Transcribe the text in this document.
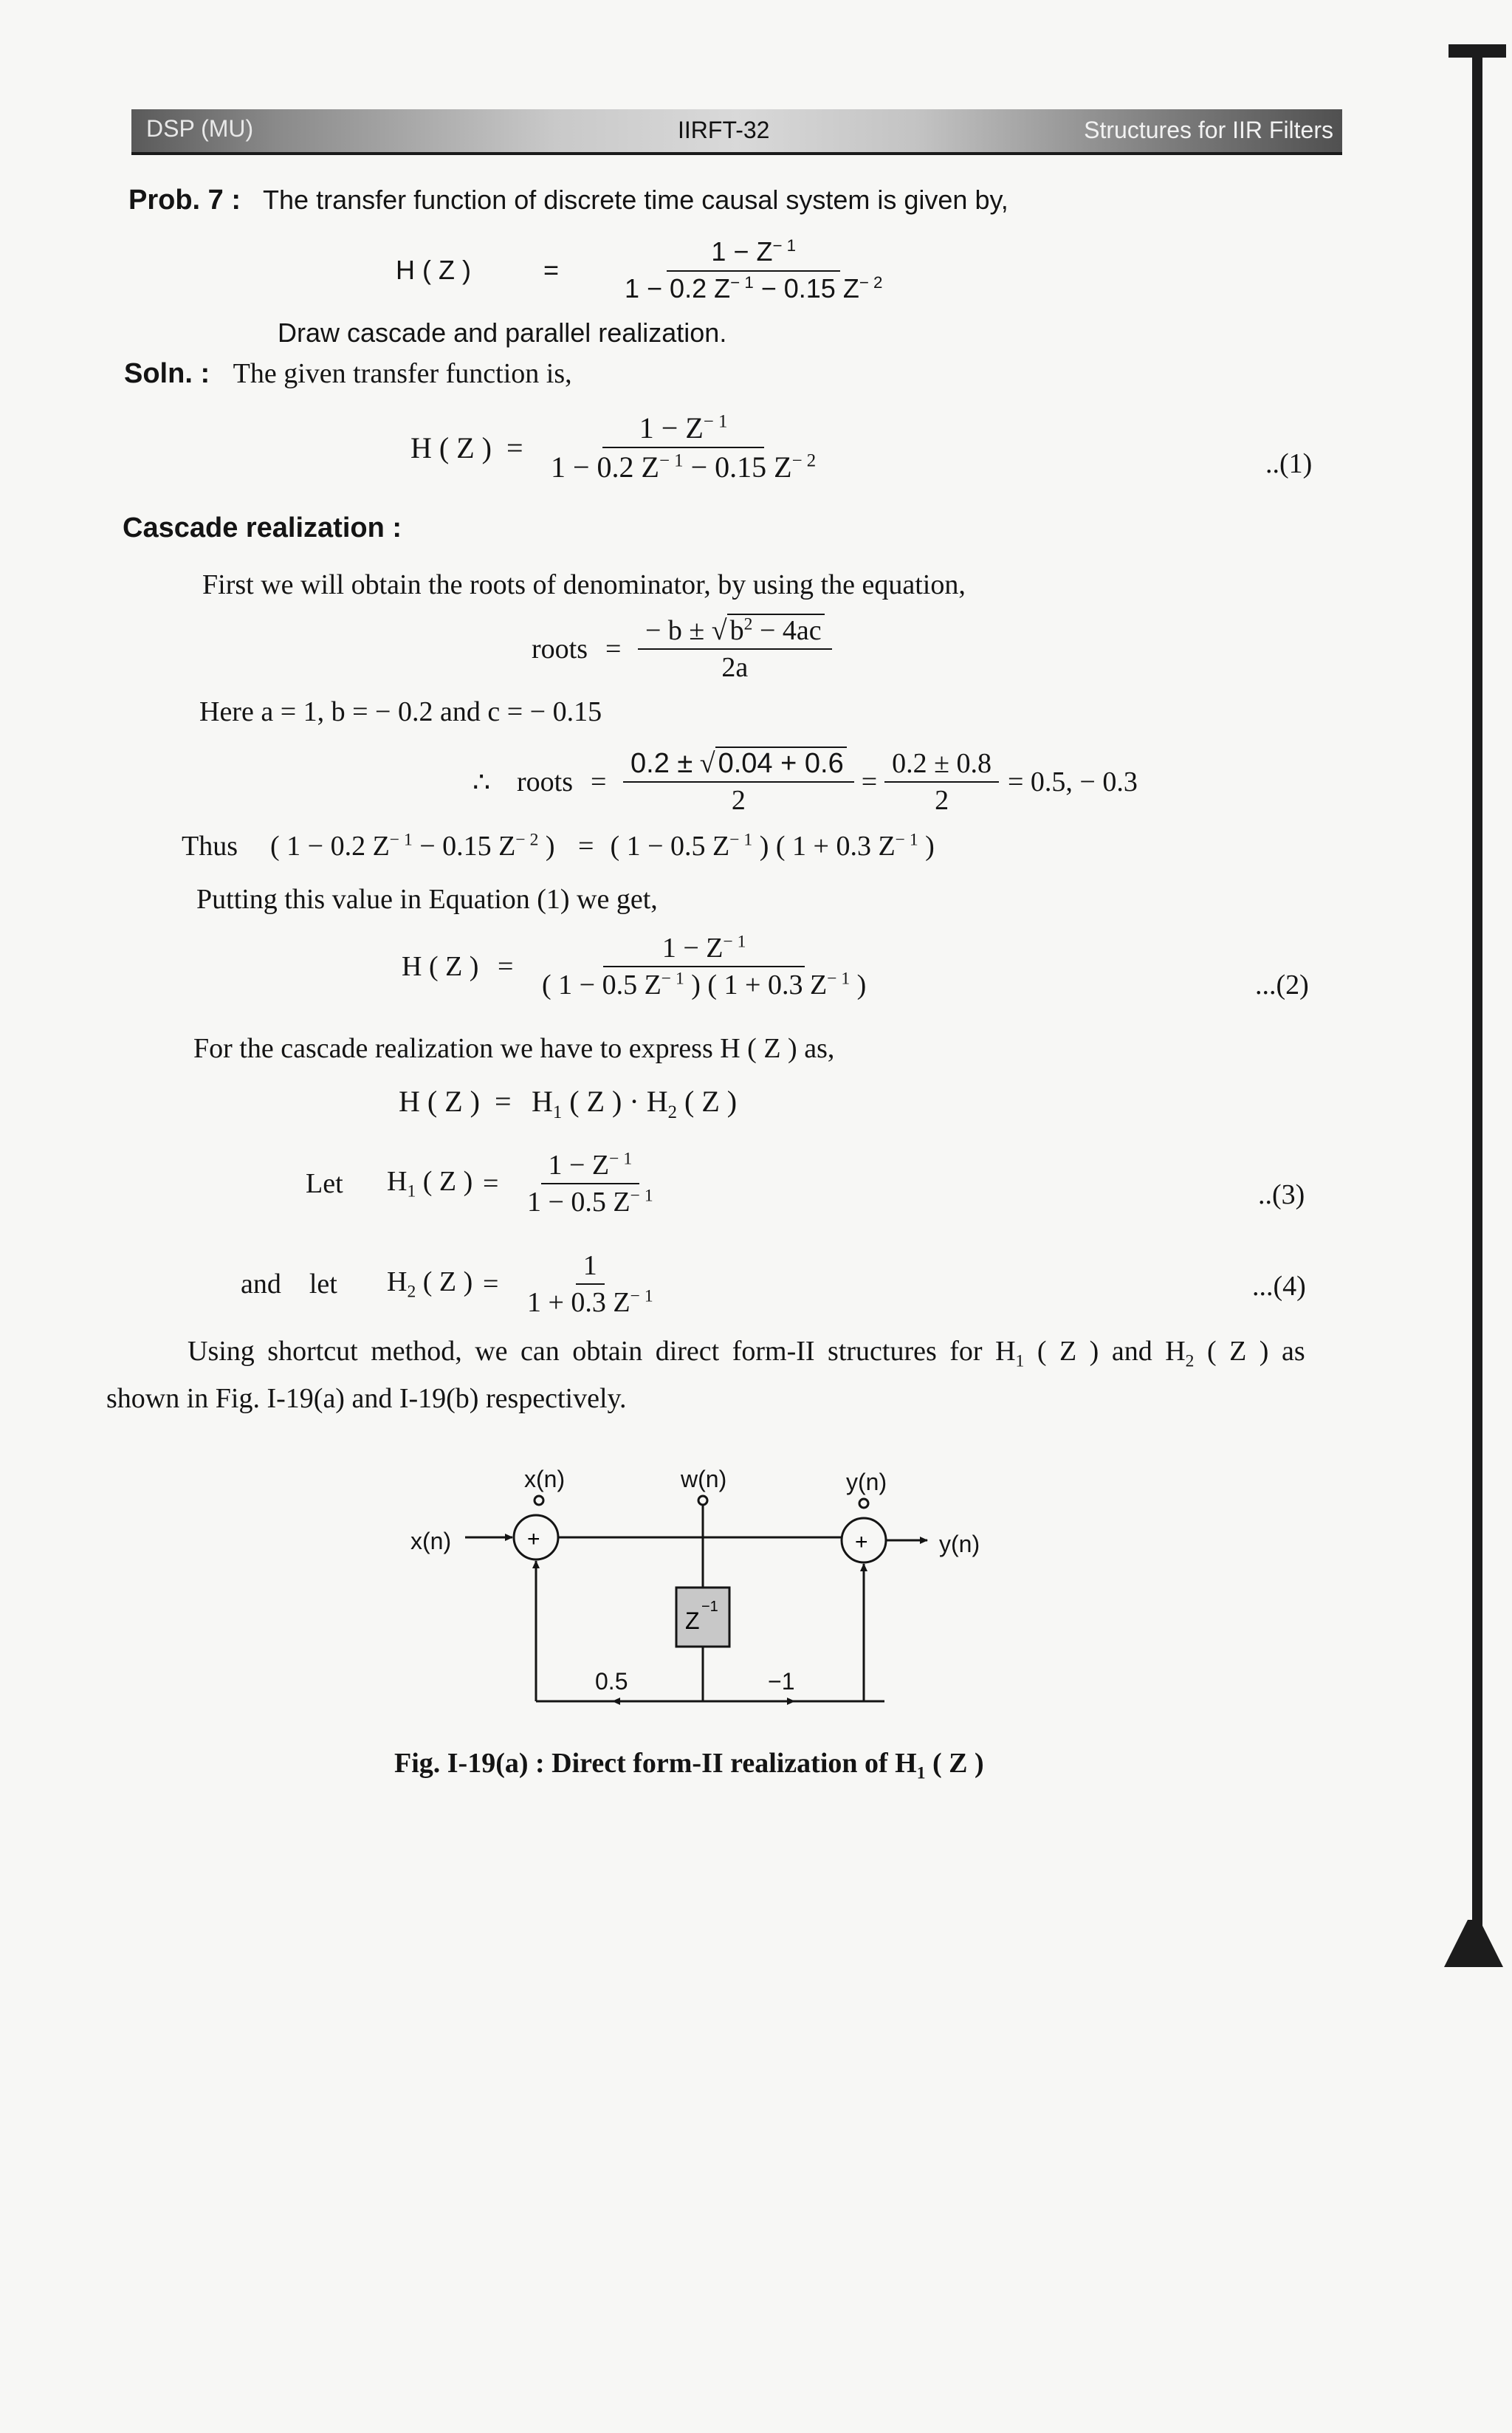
DSP (MU)	IIRFT-32	Structures for IIR Filters
Prob. 7 : The transfer function of discrete time causal system is given by,
H ( Z )	=	$\frac{1 - Z^{- 1}}{1 - 0.2 Z^{- 1} - 0.15 Z^{- 2}}$
Draw cascade and parallel realization.
Soln. : The given transfer function is,
H ( Z ) = $\frac{1 - Z^{- 1}}{1 - 0.2 Z^{- 1} - 0.15 Z^{- 2}}$	..(1)
Cascade realization :
First we will obtain the roots of denominator, by using the equation,
roots = $\frac{- b \pm √ b^2 - 4ac}{2a}$
Here a = 1, b = − 0.2 and c = − 0.15
∴ roots = $\frac{0.2 \pm √ 0.04 + 0.6}{2} = \frac{0.2 \pm 0.8}{2} = 0.5$, − 0.3
Thus ( 1 − 0.2 $Z^{- 1} - 0.15$ $Z^{- 2}$ ) = ( 1 − 0.5 $Z^{- 1}$ ) ( 1 + 0.3 $Z^{- 1}$ )
Putting this value in Equation (1) we get,
H ( Z ) = $\frac{1 - Z^{- 1}}{( 1 - 0.5 Z^{- 1} ) ( 1 + 0.3 Z^{- 1} )}$	...(2)
For the cascade realization we have to express H ( Z ) as,
H ( Z ) = $H_1$ ( Z ) · $H_2$ ( Z )
Let	$H_1$ ( Z ) = $\frac{1 - Z^{- 1}}{1 - 0.5 Z^{- 1}}$	..(3)
and    let	$H_2$ ( Z ) = $\frac{1}{1 + 0.3 Z^{- 1}}$	...(4)
Using shortcut method, we can obtain direct form-II structures for $H_1$ ( Z ) and $H_2$ ( Z ) as
shown in Fig. I-19(a) and I-19(b) respectively.
x(n)	w(n)	y(n)
x(n)	y(n)
0.5	−1
+	+
Z
−1
Fig. I-19(a) : Direct form-II realization of $H_1$ ( Z )
